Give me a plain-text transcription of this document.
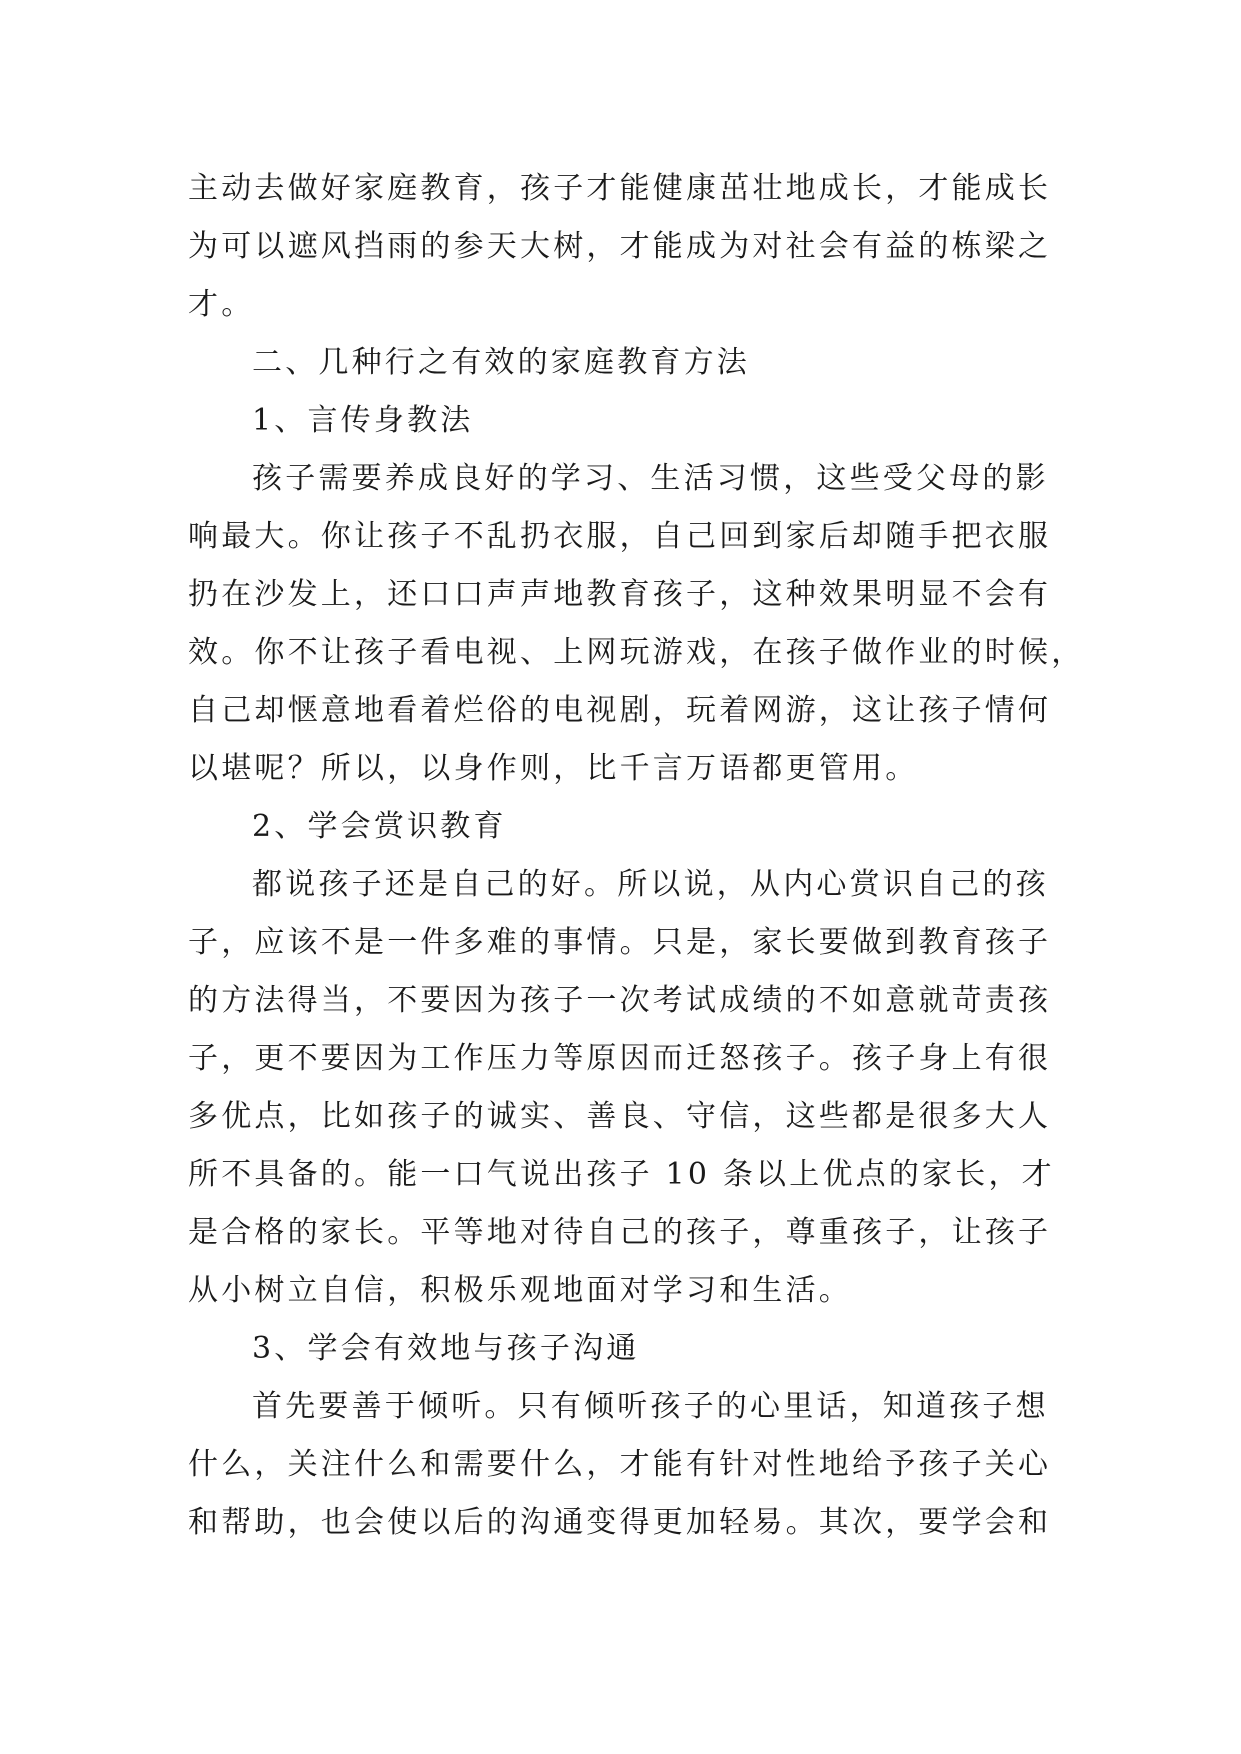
主动去做好家庭教育，孩子才能健康茁壮地成长，才能成长
为可以遮风挡雨的参天大树，才能成为对社会有益的栋梁之
才。
二、几种行之有效的家庭教育方法
1、言传身教法
孩子需要养成良好的学习、生活习惯，这些受父母的影
响最大。你让孩子不乱扔衣服，自己回到家后却随手把衣服
扔在沙发上，还口口声声地教育孩子，这种效果明显不会有
效。你不让孩子看电视、上网玩游戏，在孩子做作业的时候，
自己却惬意地看着烂俗的电视剧，玩着网游，这让孩子情何
以堪呢？所以，以身作则，比千言万语都更管用。
2、学会赏识教育
都说孩子还是自己的好。所以说，从内心赏识自己的孩
子，应该不是一件多难的事情。只是，家长要做到教育孩子
的方法得当，不要因为孩子一次考试成绩的不如意就苛责孩
子，更不要因为工作压力等原因而迁怒孩子。孩子身上有很
多优点，比如孩子的诚实、善良、守信，这些都是很多大人
所不具备的。能一口气说出孩子 10 条以上优点的家长，才
是合格的家长。平等地对待自己的孩子，尊重孩子，让孩子
从小树立自信，积极乐观地面对学习和生活。
3、学会有效地与孩子沟通
首先要善于倾听。只有倾听孩子的心里话，知道孩子想
什么，关注什么和需要什么，才能有针对性地给予孩子关心
和帮助，也会使以后的沟通变得更加轻易。其次，要学会和
